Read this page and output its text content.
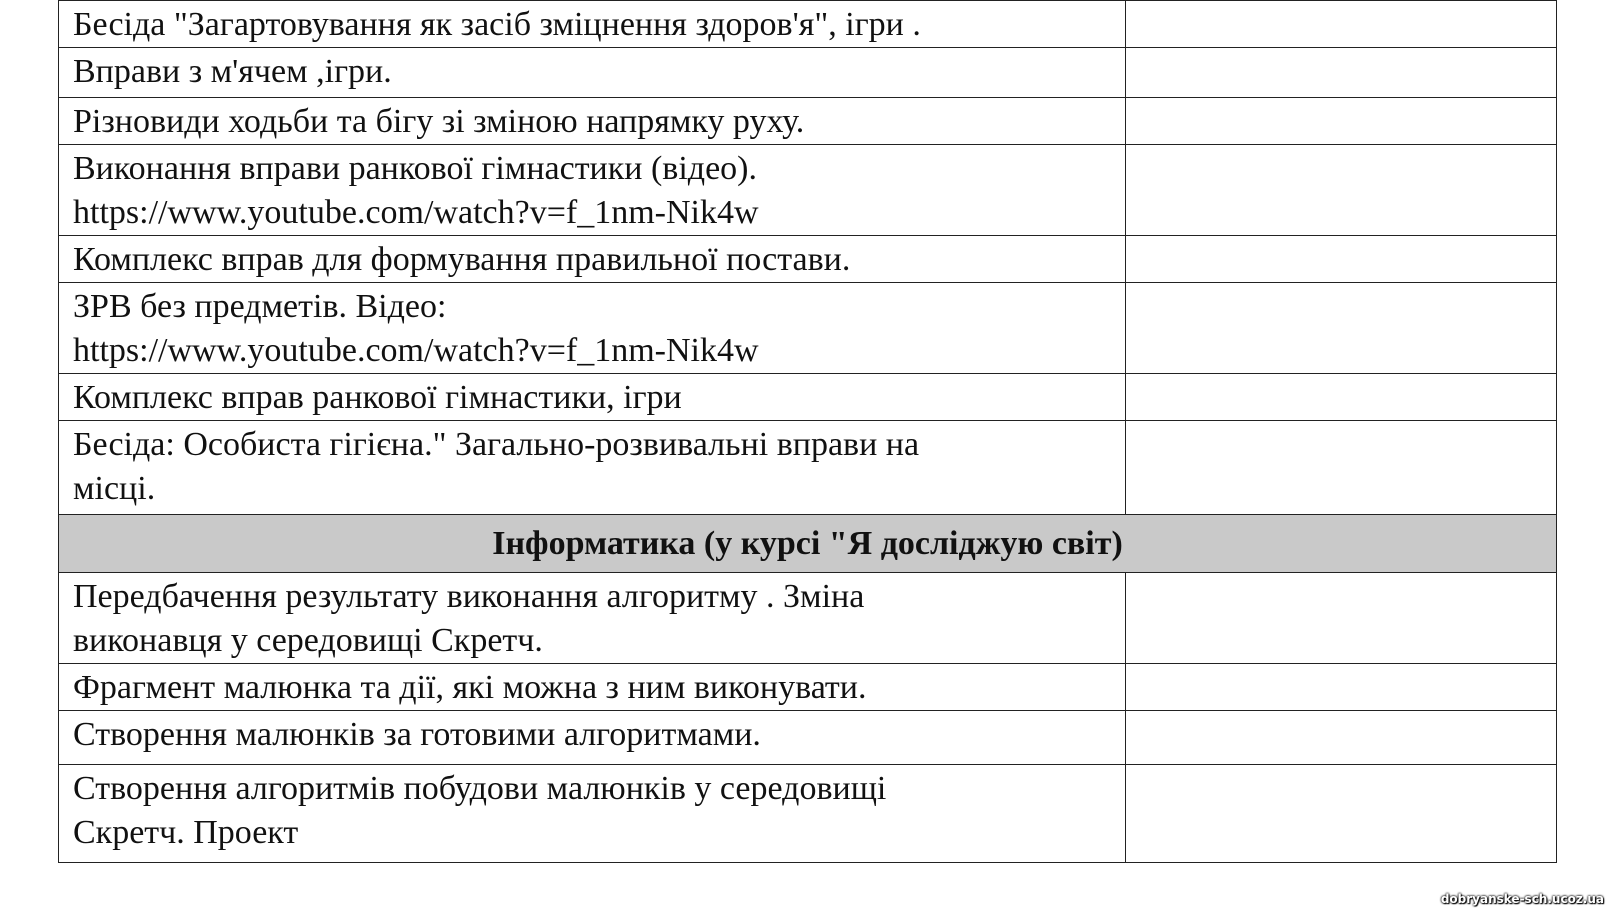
Бесіда "Загартовування як засіб зміцнення здоров'я", ігри .	

Вправи з м'ячем ,ігри.	

Різновиди ходьби та бігу зі зміною напрямку руху.	

Виконання вправи ранкової гімнастики (відео).
https://www.youtube.com/watch?v=f_1nm-Nik4w	

Комплекс вправ для формування правильної постави.	

ЗРВ без предметів. Відео:
https://www.youtube.com/watch?v=f_1nm-Nik4w	

Комплекс вправ ранкової гімнастики, ігри	

Бесіда: Особиста гігієна." Загально-розвивальні вправи на
місці.	

Інформатика (у курсі "Я досліджую світ)	

Передбачення результату виконання алгоритму . Зміна
виконавця у середовищі Скретч.	

Фрагмент малюнка та дії, які можна з ним виконувати.	

Створення малюнків за готовими алгоритмами.	

Створення алгоритмів побудови малюнків у середовищі
Скретч. Проект	

dobryanske-sch.ucoz.ua
